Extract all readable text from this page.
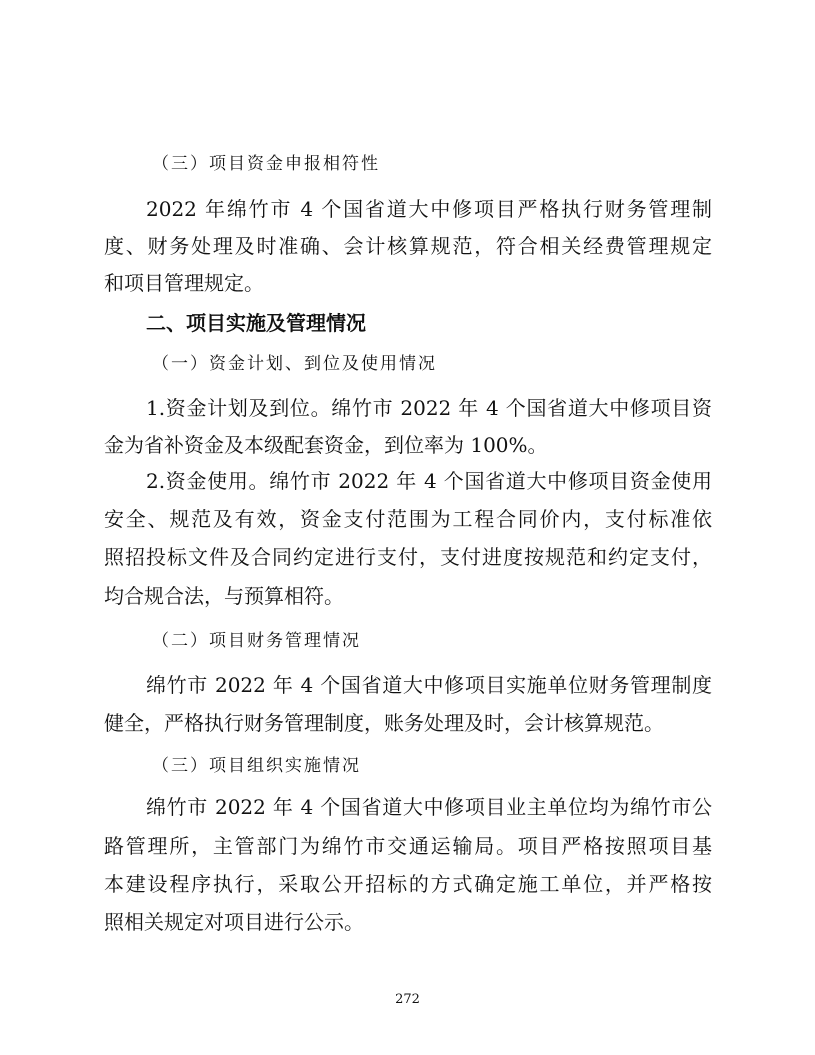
（三）项目资金申报相符性
2022 年绵竹市 4 个国省道大中修项目严格执行财务管理制
度、财务处理及时准确、会计核算规范，符合相关经费管理规定
和项目管理规定。
二、项目实施及管理情况
（一）资金计划、到位及使用情况
1.资金计划及到位。绵竹市 2022 年 4 个国省道大中修项目资
金为省补资金及本级配套资金，到位率为 100%。
2.资金使用。绵竹市 2022 年 4 个国省道大中修项目资金使用
安全、规范及有效，资金支付范围为工程合同价内，支付标准依
照招投标文件及合同约定进行支付，支付进度按规范和约定支付，
均合规合法，与预算相符。
（二）项目财务管理情况
绵竹市 2022 年 4 个国省道大中修项目实施单位财务管理制度
健全，严格执行财务管理制度，账务处理及时，会计核算规范。
（三）项目组织实施情况
绵竹市 2022 年 4 个国省道大中修项目业主单位均为绵竹市公
路管理所，主管部门为绵竹市交通运输局。项目严格按照项目基
本建设程序执行，采取公开招标的方式确定施工单位，并严格按
照相关规定对项目进行公示。
272
